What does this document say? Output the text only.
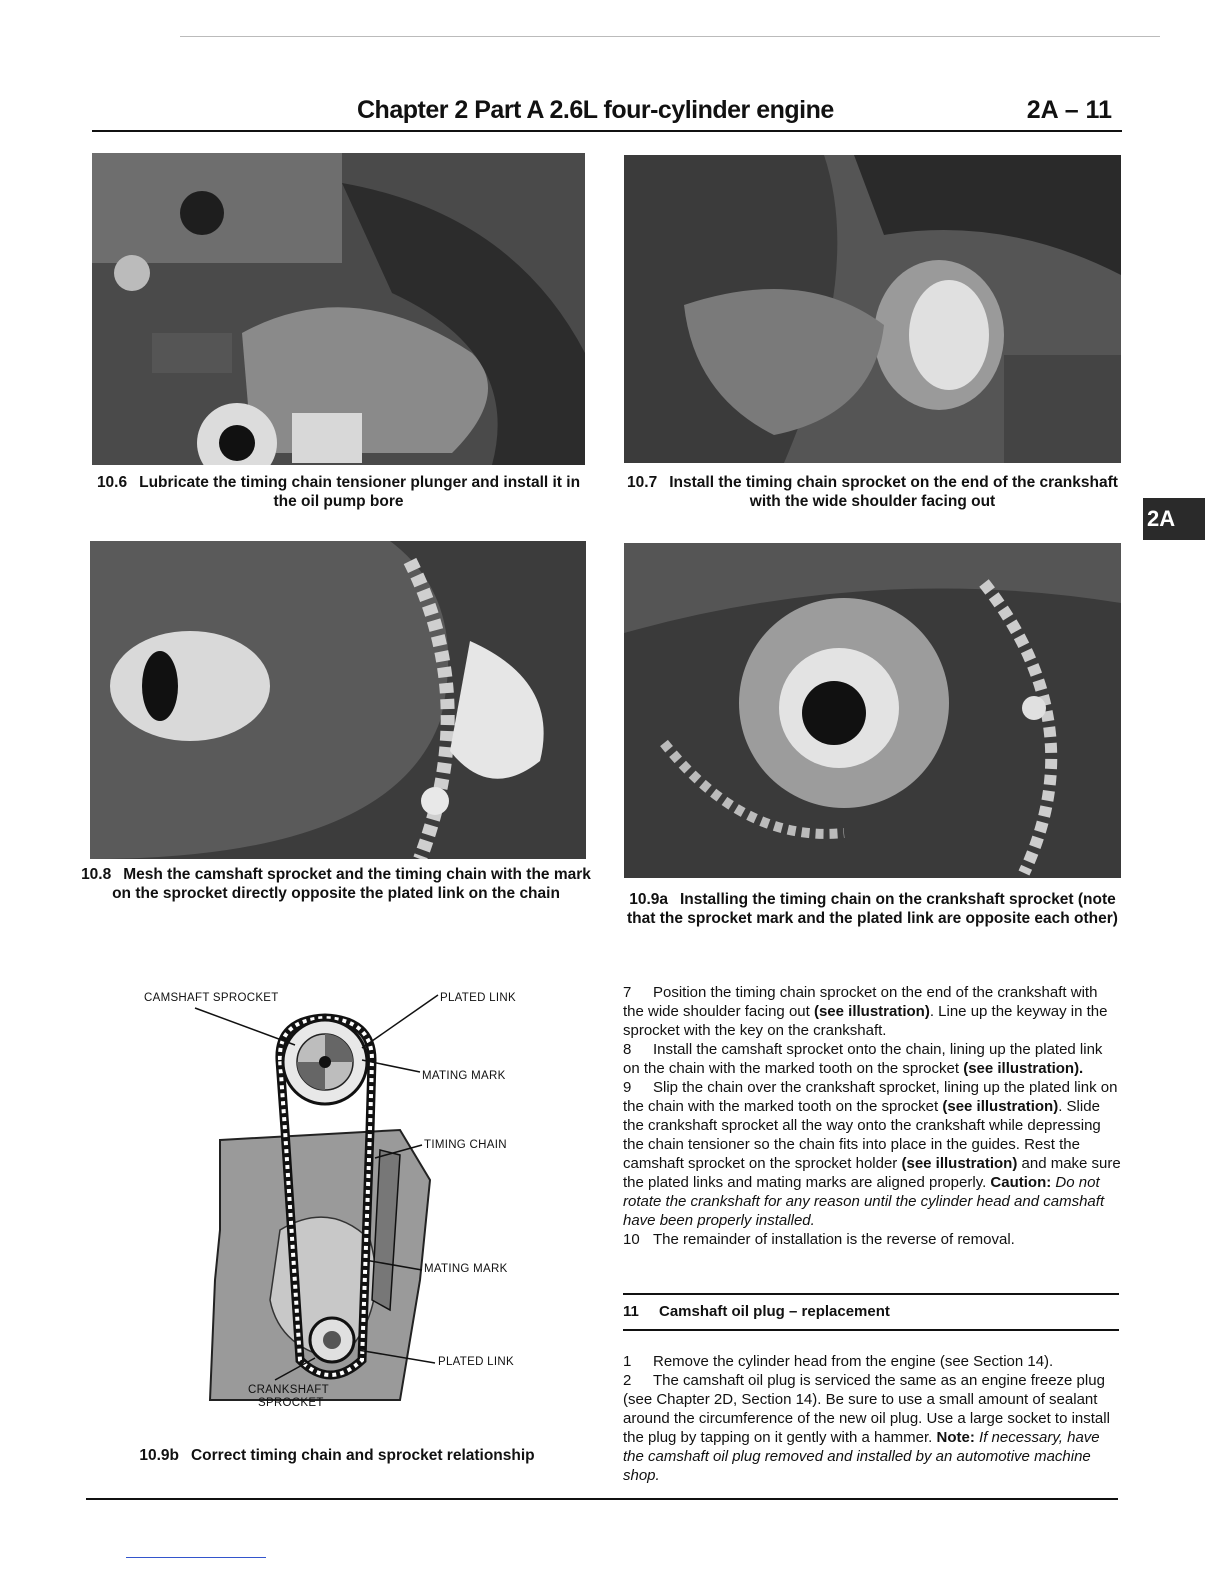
Chapter 2 Part A 2.6L four-cylinder engine	2A – 11
10.6 Lubricate the timing chain tensioner plunger and install it in the oil pump bore
10.7 Install the timing chain sprocket on the end of the crankshaft with the wide shoulder facing out
2A
10.8 Mesh the camshaft sprocket and the timing chain with the mark on the sprocket directly opposite the plated link on the chain	10.9a Installing the timing chain on the crankshaft sprocket (note that the sprocket mark and the plated link are opposite each other)
CAMSHAFT SPROCKET	PLATED LINK
MATING MARK
TIMING CHAIN
MATING MARK
PLATED LINK
CRANKSHAFT
SPROCKET
10.9b Correct timing chain and sprocket relationship

7 Position the timing chain sprocket on the end of the crankshaft with the wide shoulder facing out (see illustration). Line up the keyway in the sprocket with the key on the crankshaft.

8 Install the camshaft sprocket onto the chain, lining up the plated link on the chain with the marked tooth on the sprocket (see illustration).

9 Slip the chain over the crankshaft sprocket, lining up the plated link on the chain with the marked tooth on the sprocket (see illustration). Slide the crankshaft sprocket all the way onto the crankshaft while depressing the chain tensioner so the chain fits into place in the guides. Rest the camshaft sprocket on the sprocket holder (see illustration) and make sure the plated links and mating marks are aligned properly. Caution: Do not rotate the crankshaft for any reason until the cylinder head and camshaft have been properly installed.

10 The remainder of installation is the reverse of removal.

11 Camshaft oil plug – replacement

1 Remove the cylinder head from the engine (see Section 14).

2 The camshaft oil plug is serviced the same as an engine freeze plug (see Chapter 2D, Section 14). Be sure to use a small amount of sealant around the circumference of the new oil plug. Use a large socket to install the plug by tapping on it gently with a hammer. Note: If necessary, have the camshaft oil plug removed and installed by an automotive machine shop.
